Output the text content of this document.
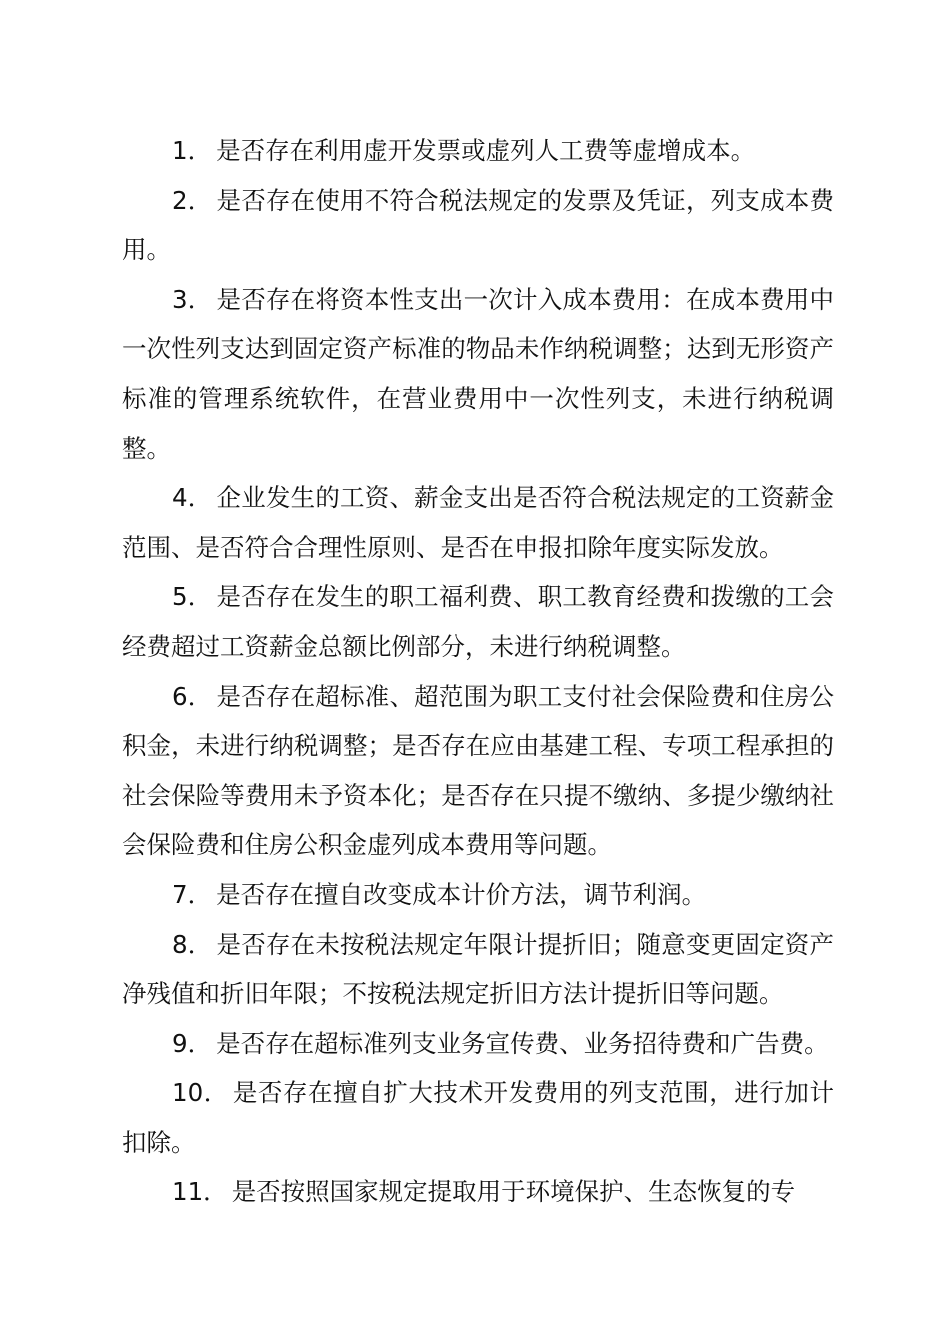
1． 是否存在利用虚开发票或虚列人工费等虚增成本。

2． 是否存在使用不符合税法规定的发票及凭证，列支成本费用。

3． 是否存在将资本性支出一次计入成本费用：在成本费用中一次性列支达到固定资产标准的物品未作纳税调整；达到无形资产标准的管理系统软件，在营业费用中一次性列支，未进行纳税调整。

4． 企业发生的工资、薪金支出是否符合税法规定的工资薪金范围、是否符合合理性原则、是否在申报扣除年度实际发放。

5． 是否存在发生的职工福利费、职工教育经费和拨缴的工会经费超过工资薪金总额比例部分，未进行纳税调整。

6． 是否存在超标准、超范围为职工支付社会保险费和住房公积金，未进行纳税调整；是否存在应由基建工程、专项工程承担的社会保险等费用未予资本化；是否存在只提不缴纳、多提少缴纳社会保险费和住房公积金虚列成本费用等问题。

7． 是否存在擅自改变成本计价方法，调节利润。

8． 是否存在未按税法规定年限计提折旧；随意变更固定资产净残值和折旧年限；不按税法规定折旧方法计提折旧等问题。

9． 是否存在超标准列支业务宣传费、业务招待费和广告费。

10． 是否存在擅自扩大技术开发费用的列支范围，进行加计扣除。

11． 是否按照国家规定提取用于环境保护、生态恢复的专
